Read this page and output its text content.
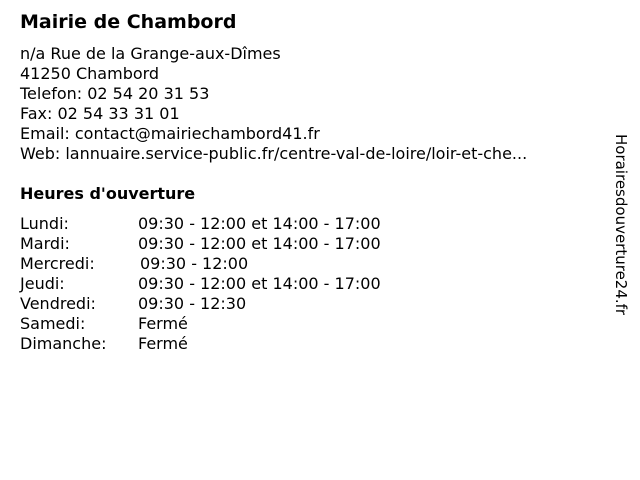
Mairie de Chambord
n/a Rue de la Grange-aux-Dîmes
41250 Chambord
Telefon: 02 54 20 31 53
Fax: 02 54 33 31 01
Email: contact@mairiechambord41.fr
Web: lannuaire.service-public.fr/centre-val-de-loire/loir-et-che...
Heures d'ouverture
Lundi:	09:30 - 12:00 et 14:00 - 17:00
Mardi:	09:30 - 12:00 et 14:00 - 17:00
Mercredi:	09:30 - 12:00
Jeudi:	09:30 - 12:00 et 14:00 - 17:00
Vendredi:	09:30 - 12:30
Samedi:	Fermé
Dimanche: Fermé
Horairesdouverture24.fr
